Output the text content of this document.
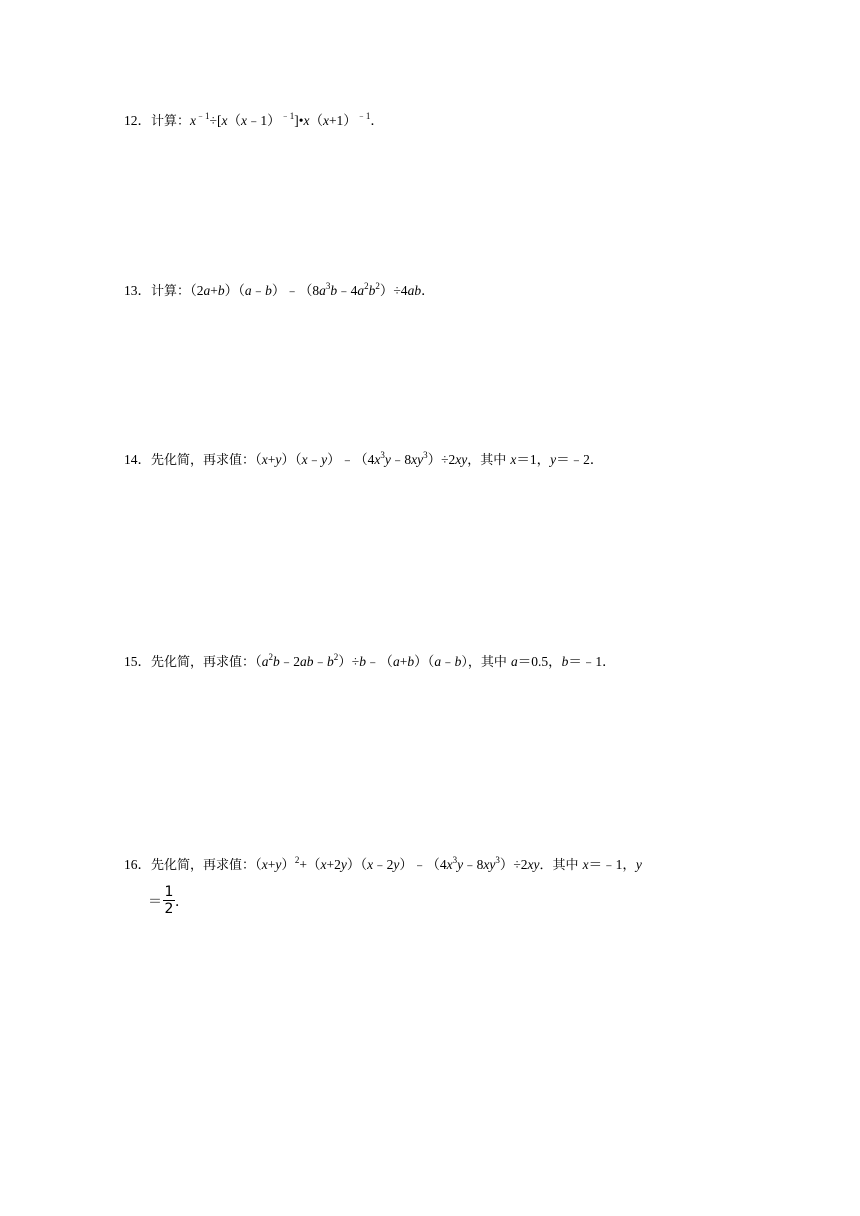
12．计算：$x^{﹣1}\div[x(x﹣1)^{﹣1}]•x(x+1)^{﹣1}$．
13．计算：$(2a+b)(a﹣b)﹣(8a^3b﹣4a^2b^2)\div 4ab$．
14．先化简，再求值：$(x+y)(x﹣y)﹣(4x^3y﹣8xy^3)\div 2xy$，其中 x＝1，y＝﹣2．
15．先化简，再求值：$(a^2b﹣2ab﹣b^2)\div b﹣(a+b)(a﹣b)$，其中 a＝0.5，b＝﹣1．
16．先化简，再求值：$(x+y)^2+(x+2y)(x﹣2y)﹣(4x^3y﹣8xy^3)\div 2xy$．其中 x＝﹣1，y
＝ $\frac{1}{2}$ ．
